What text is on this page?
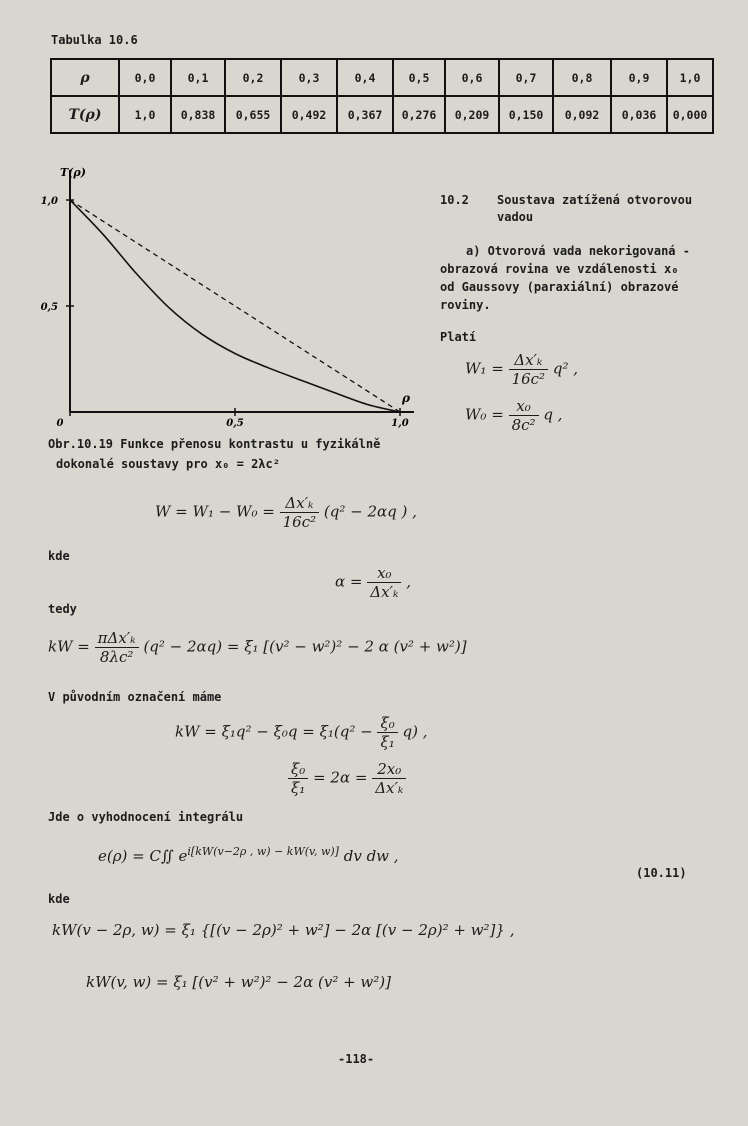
Tabulka 10.6
ρ	0,0	0,1	0,2	0,3	0,4	0,5	0,6	0,7	0,8	0,9	1,0
T(ρ)	1,0	0,838	0,655	0,492	0,367	0,276	0,209	0,150	0,092	0,036	0,000
1,0
0,5
0	0,5	1,0
T(ρ)
ρ
Obr.10.19 Funkce přenosu kontrastu u fyzikálně
dokonalé soustavy pro x₀ = 2λc²
10.2 Soustava zatížená otvorovou
vadou
a) Otvorová vada nekorigovaná -
obrazová rovina ve vzdálenosti x₀
od Gaussovy (paraxiální) obrazové
roviny.
Platí
$W_1 = \frac{\text{Δx′ₖ}}{\text{16c²}} q^2$ ,
$W_0 = \frac{\text{x₀}}{\text{8c²}}$ q ,
$W = W_1 - W_0 = \frac{\text{Δx′ₖ}}{\text{16c²}} (q^2 - 2\alpha q$ ) ,
kde
$\alpha = \frac{\text{x₀}}{\text{Δx′ₖ}}$ ,
tedy
kW = $\frac{\text{πΔx′ₖ}}{\text{8λc²}} (q^2 - 2\alpha q) = \xi_1$ [(v² − w²)² − 2 α (v² + w²)]
V původním označení máme
kW = $\xi_1q^2 - \xi_0q = \xi_1(q^2 - \frac{\text{ξ₀}}{\text{ξ₁}} q)$ ,
$\frac{\text{ξ₀}}{\text{ξ₁}} = 2\alpha = \frac{\text{2x₀}}{\text{Δx′ₖ}}$
Jde o vyhodnocení integrálu
e(ρ) = C∬ $e^{i[kW(v-2\rho , w) - kW(v, w)]}$ dv dw ,
(10.11)
kde
kW(v − 2ρ, w) = ξ₁ {[(v − 2ρ)² + w²] − 2α [(v − 2ρ)² + w²]} ,
kW(v, w) = ξ₁ [(v² + w²)² − 2α (v² + w²)]
-118-
